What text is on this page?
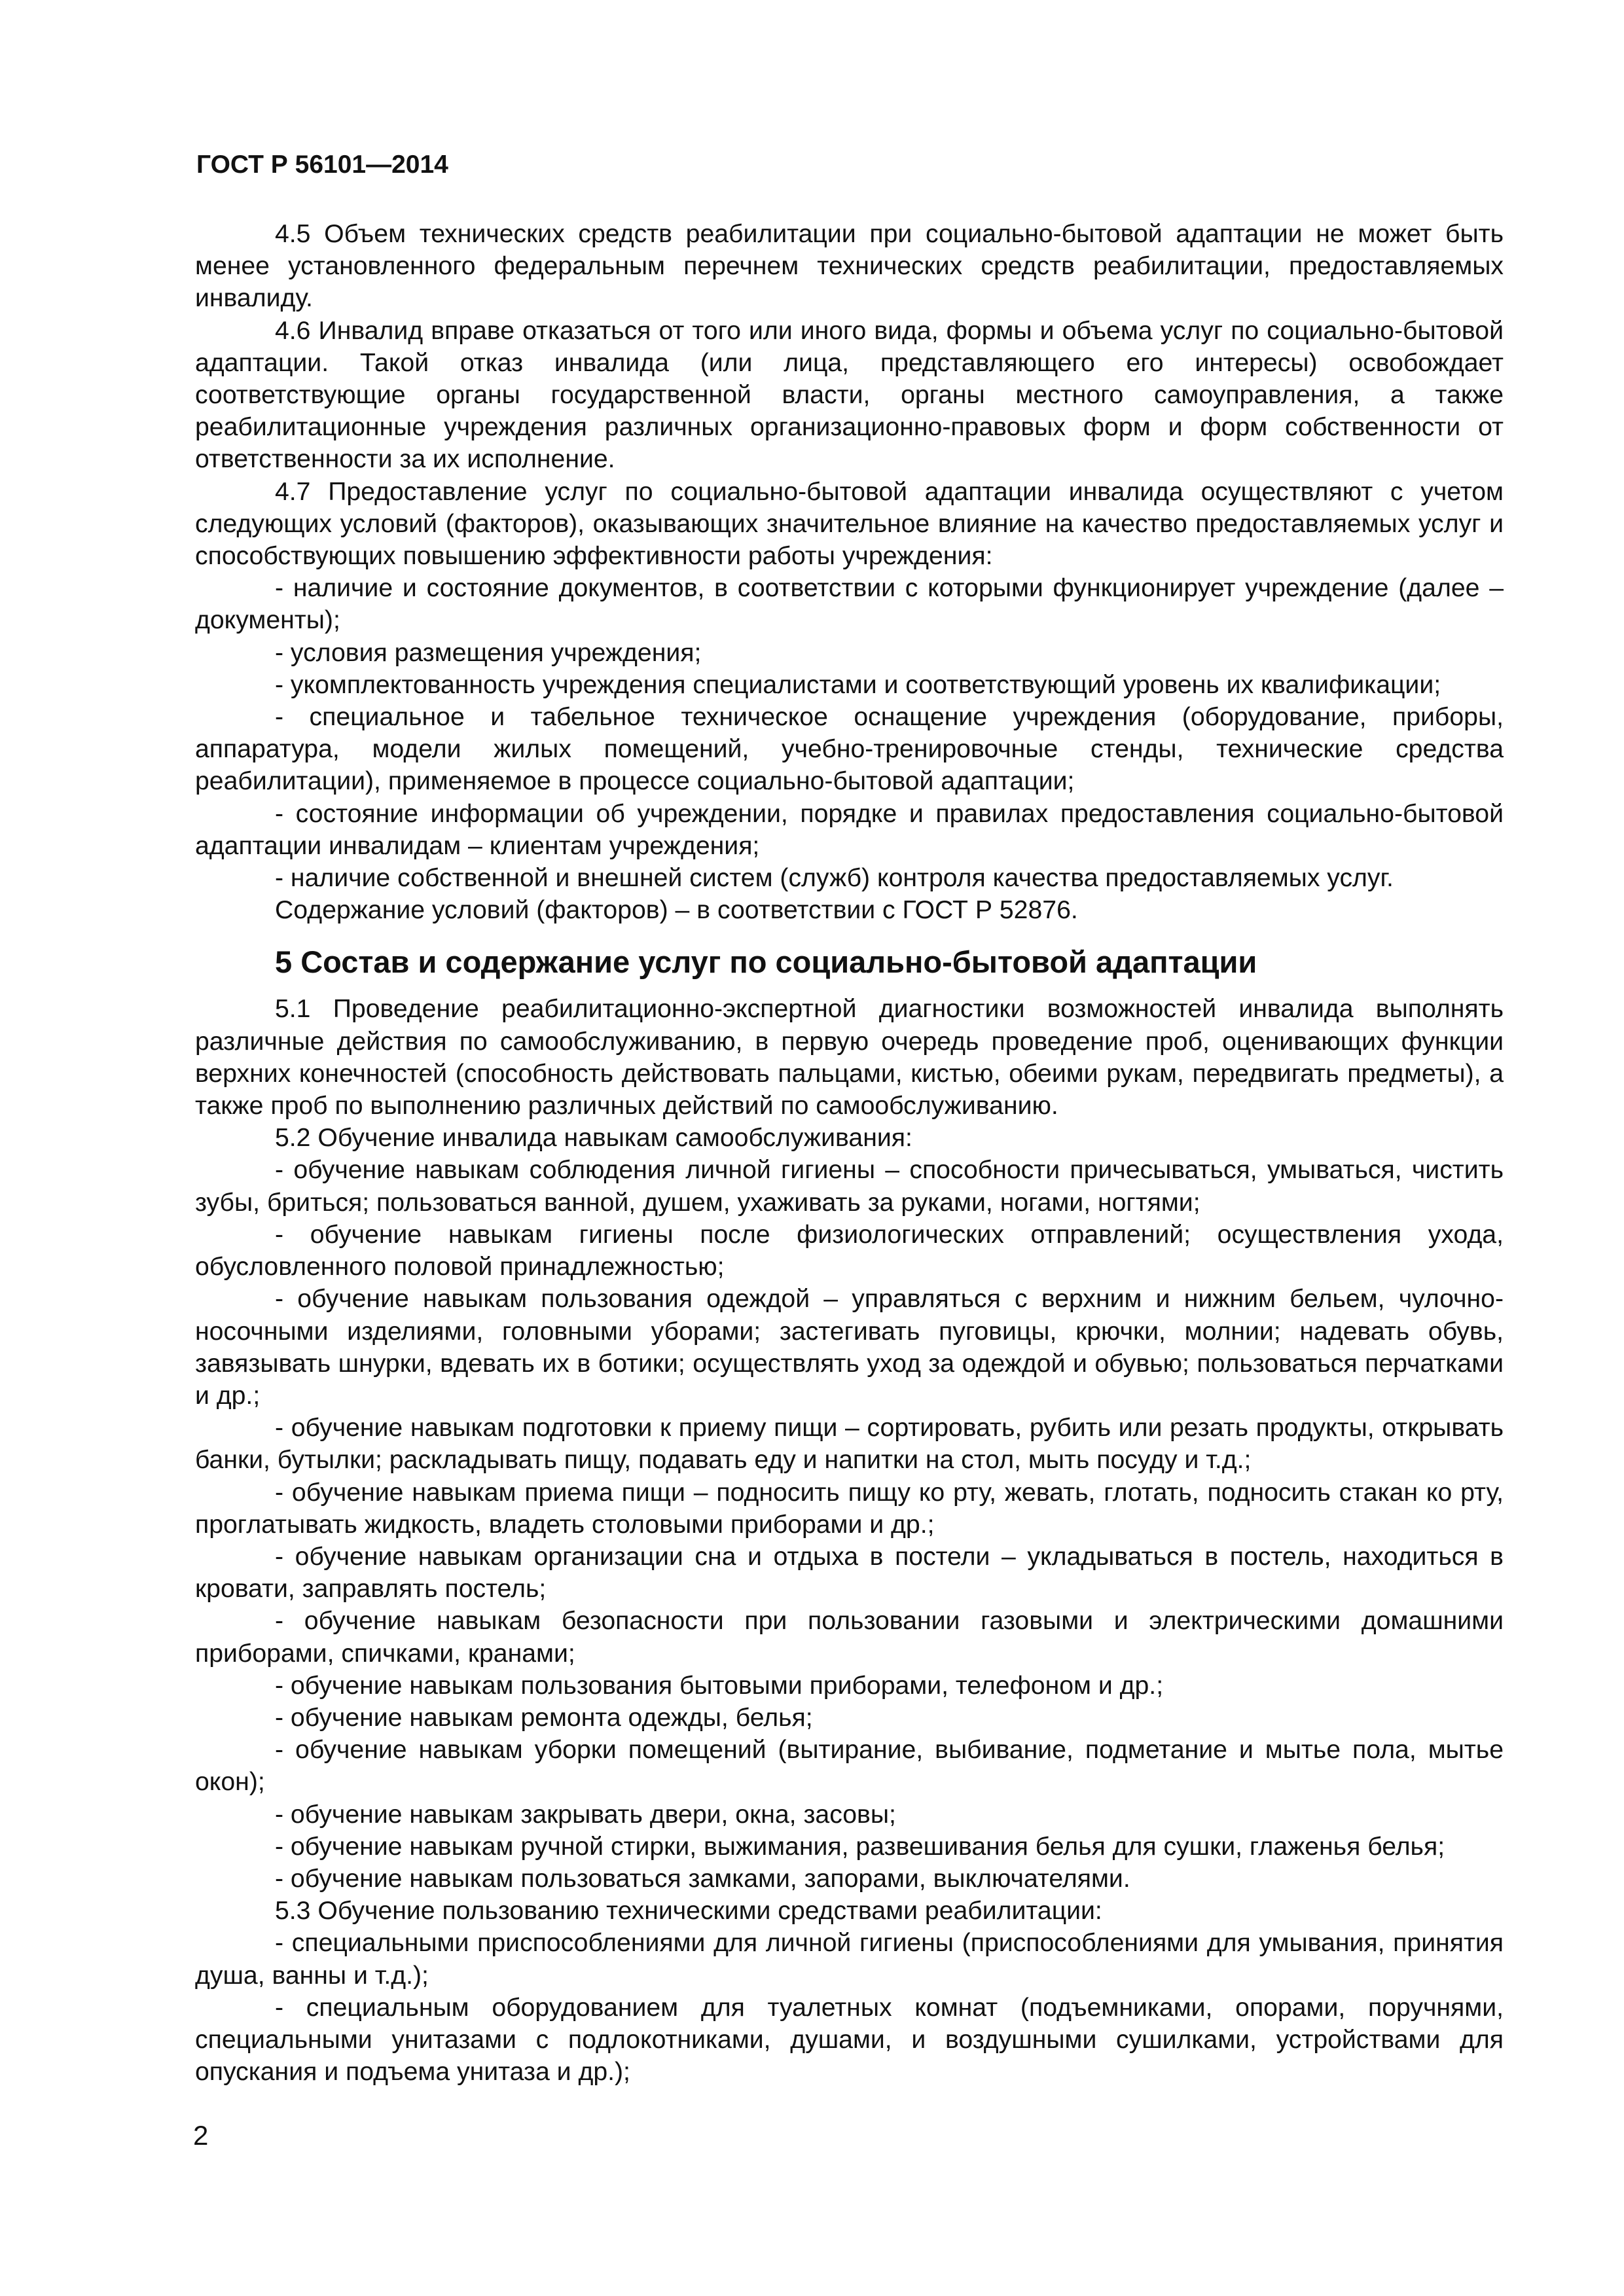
ГОСТ Р 56101—2014

4.5 Объем технических средств реабилитации при социально-бытовой адаптации не может быть менее установленного федеральным перечнем технических средств реабилитации, предоставляемых инвалиду.

4.6 Инвалид вправе отказаться от того или иного вида, формы и объема услуг по социально-бытовой адаптации. Такой отказ инвалида (или лица, представляющего его интересы) освобождает соответствующие органы государственной власти, органы местного самоуправления, а также реабилитационные учреждения различных организационно-правовых форм и форм собственности от ответственности за их исполнение.

4.7 Предоставление услуг по социально-бытовой адаптации инвалида осуществляют с учетом следующих условий (факторов), оказывающих значительное влияние на качество предоставляемых услуг и способствующих повышению эффективности работы учреждения:

- наличие и состояние документов, в соответствии с которыми функционирует учреждение (далее – документы);

- условия размещения учреждения;

- укомплектованность учреждения специалистами и соответствующий уровень их квалификации;

- специальное и табельное техническое оснащение учреждения (оборудование, приборы, аппаратура, модели жилых помещений, учебно-тренировочные стенды, технические средства реабилитации), применяемое в процессе социально-бытовой адаптации;

- состояние информации об учреждении, порядке и правилах предоставления социально-бытовой адаптации инвалидам – клиентам учреждения;

- наличие собственной и внешней систем (служб) контроля качества предоставляемых услуг.

Содержание условий (факторов) – в соответствии с ГОСТ Р 52876.

5 Состав и содержание услуг по социально-бытовой адаптации

5.1 Проведение реабилитационно-экспертной диагностики возможностей инвалида выполнять различные действия по самообслуживанию, в первую очередь проведение проб, оценивающих функции верхних конечностей (способность действовать пальцами, кистью, обеими рукам, передвигать предметы), а также проб по выполнению различных действий по самообслуживанию.

5.2 Обучение инвалида навыкам самообслуживания:

- обучение навыкам соблюдения личной гигиены – способности причесываться, умываться, чистить зубы, бриться; пользоваться ванной, душем, ухаживать за руками, ногами, ногтями;

- обучение навыкам гигиены после физиологических отправлений; осуществления ухода, обусловленного половой принадлежностью;

- обучение навыкам пользования одеждой – управляться с верхним и нижним бельем, чулочно-носочными изделиями, головными уборами; застегивать пуговицы, крючки, молнии; надевать обувь, завязывать шнурки, вдевать их в ботики; осуществлять уход за одеждой и обувью; пользоваться перчатками и др.;

- обучение навыкам подготовки к приему пищи – сортировать, рубить или резать продукты, открывать банки, бутылки; раскладывать пищу, подавать еду и напитки на стол, мыть посуду и т.д.;

- обучение навыкам приема пищи – подносить пищу ко рту, жевать, глотать, подносить стакан ко рту, проглатывать жидкость, владеть столовыми приборами и др.;

- обучение навыкам организации сна и отдыха в постели – укладываться в постель, находиться в кровати, заправлять постель;

- обучение навыкам безопасности при пользовании газовыми и электрическими домашними приборами, спичками, кранами;

- обучение навыкам пользования бытовыми приборами, телефоном и др.;

- обучение навыкам ремонта одежды, белья;

- обучение навыкам уборки помещений (вытирание, выбивание, подметание и мытье пола, мытье окон);

- обучение навыкам закрывать двери, окна, засовы;

- обучение навыкам ручной стирки, выжимания, развешивания белья для сушки, глаженья белья;

- обучение навыкам пользоваться замками, запорами, выключателями.

5.3 Обучение пользованию техническими средствами реабилитации:

- специальными приспособлениями для личной гигиены (приспособлениями для умывания, принятия душа, ванны и т.д.);

- специальным оборудованием для туалетных комнат (подъемниками, опорами, поручнями, специальными унитазами с подлокотниками, душами, и воздушными сушилками, устройствами для опускания и подъема унитаза и др.);

2
